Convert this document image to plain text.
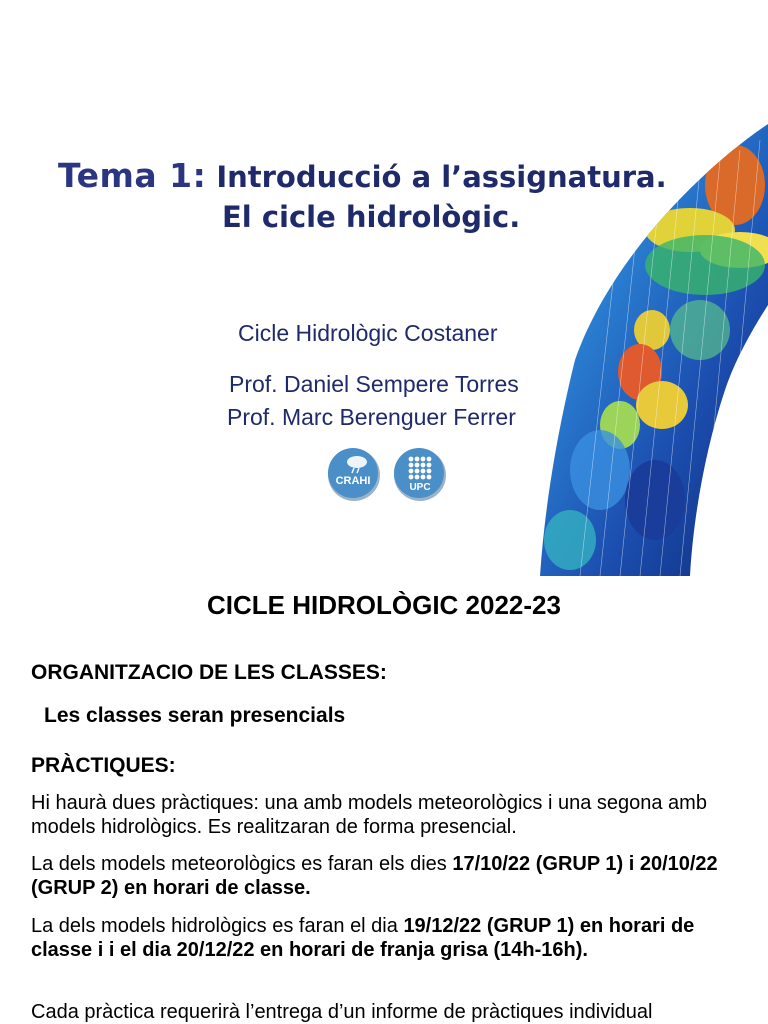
Tema 1: Introducció a l’assignatura.
El cicle hidrològic.
Cicle Hidrològic Costaner
Prof. Daniel Sempere Torres
Prof. Marc Berenguer Ferrer
CRAHI
UPC
CICLE HIDROLÒGIC 2022-23
ORGANITZACIO DE LES CLASSES:
Les classes seran presencials
PRÀCTIQUES:
Hi haurà dues pràctiques: una amb models meteorològics i una segona amb models hidrològics. Es realitzaran de forma presencial.
La dels models meteorològics es faran els dies 17/10/22 (GRUP 1) i 20/10/22 (GRUP 2) en horari de classe.
La dels models hidrològics es faran el dia 19/12/22 (GRUP 1) en horari de classe i i el dia 20/12/22 en horari de franja grisa (14h-16h).
Cada pràctica requerirà l’entrega d’un informe de pràctiques individual
